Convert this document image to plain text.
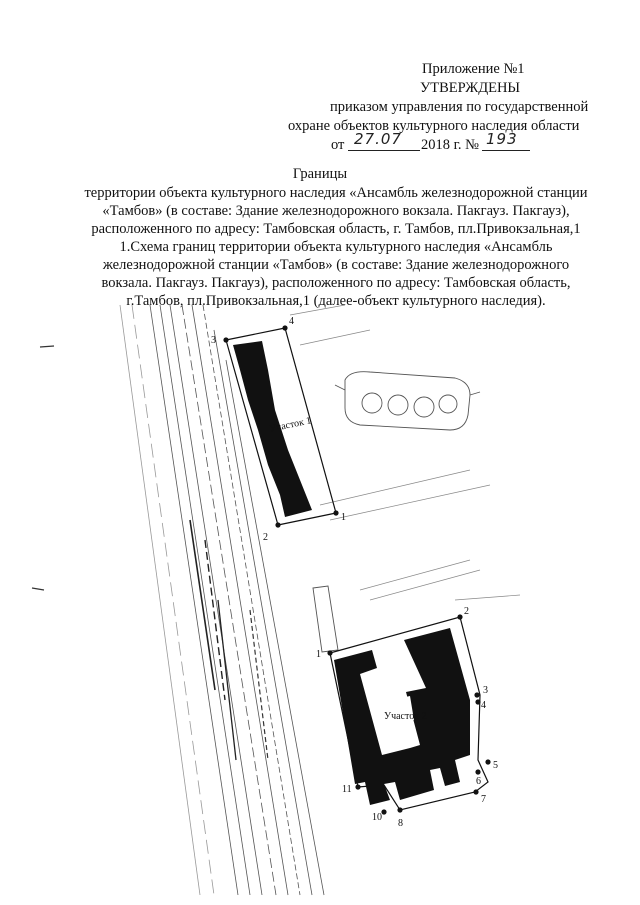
Приложение №1
УТВЕРЖДЕНЫ
приказом управления по государственной
охране объектов культурного наследия области
от 27.07 2018 г. № 193
Границы
территории объекта культурного наследия «Ансамбль железнодорожной станции
«Тамбов» (в составе: Здание железнодорожного вокзала. Пакгауз. Пакгауз),
расположенного по адресу: Тамбовская область, г. Тамбов, пл.Привокзальная,1
1.Схема границ территории объекта культурного наследия «Ансамбль
железнодорожной станции «Тамбов» (в составе: Здание железнодорожного
вокзала. Пакгауз. Пакгауз), расположенного по адресу: Тамбовская область,
г.Тамбов, пл.Привокзальная,1 (далее-объект культурного наследия).
Участок 1
3
4
1
2
Участок 2
1
2
3
4
5
6
7
8
10
11
